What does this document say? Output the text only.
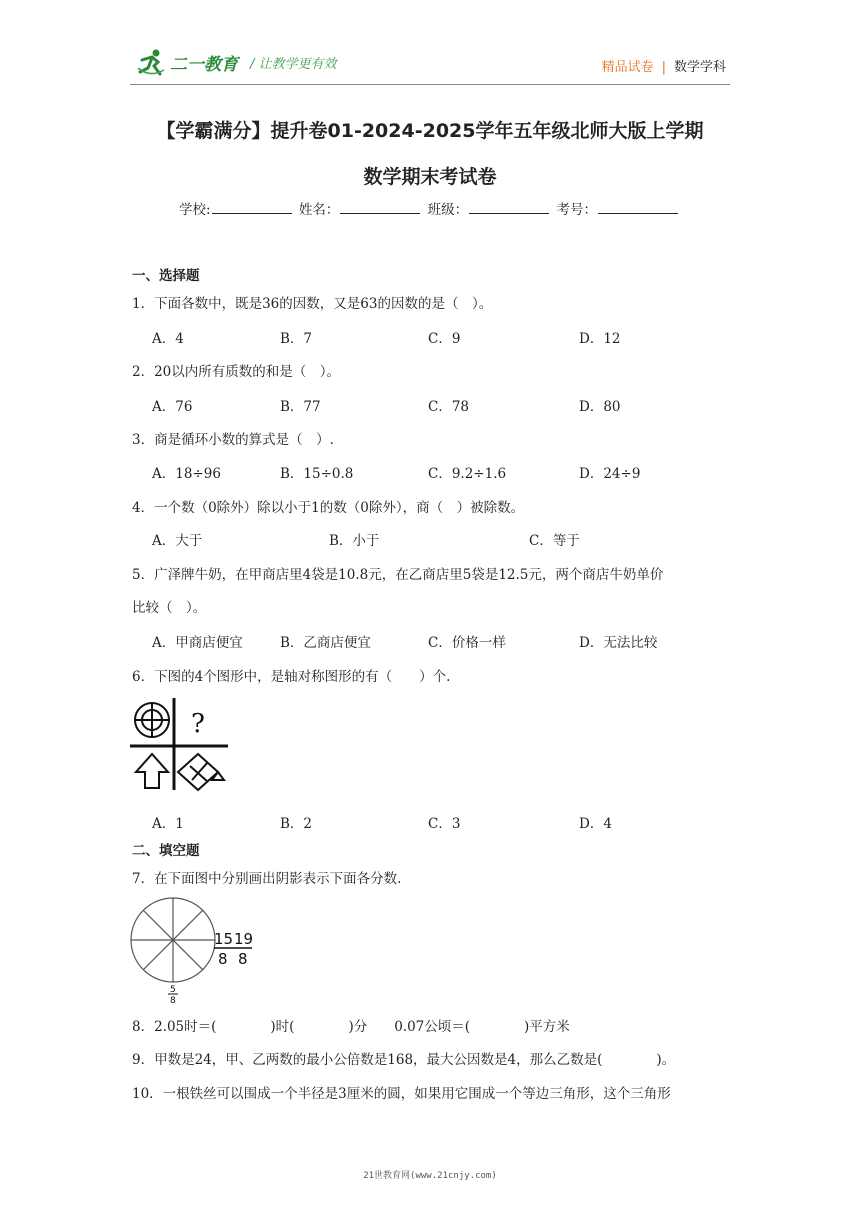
二一教育 / 让教学更有效	精品试卷 | 数学学科
【学霸满分】提升卷01-2024-2025学年五年级北师大版上学期
数学期末考试卷
学校:	姓名：	班级：	考号：
一、选择题
1．下面各数中，既是36的因数，又是63的因数的是（　）。
A．4	B．7	C．9	D．12
2．20以内所有质数的和是（　）。
A．76	B．77	C．78	D．80
3．商是循环小数的算式是（　）.
A．18÷96	B．15÷0.8	C．9.2÷1.6	D．24÷9
4．一个数（0除外）除以小于1的数（0除外），商（　）被除数。
A．大于	B．小于	C．等于
5．广泽牌牛奶，在甲商店里4袋是10.8元，在乙商店里5袋是12.5元，两个商店牛奶单价
比较（　）。
A．甲商店便宜	B．乙商店便宜	C．价格一样	D．无法比较
6．下图的4个图形中，是轴对称图形的有（　　）个.
?
A．1	B．2	C．3	D．4
二、填空题
7．在下面图中分别画出阴影表示下面各分数.
15 19
8 8
5
8
8．2.05时＝(　　　　)时(　　　　)分　　0.07公顷＝(　　　　)平方米
9．甲数是24，甲、乙两数的最小公倍数是168，最大公因数是4，那么乙数是(　　　　)。
10．一根铁丝可以围成一个半径是3厘米的圆，如果用它围成一个等边三角形，这个三角形
21世教育网(www.21cnjy.com)
